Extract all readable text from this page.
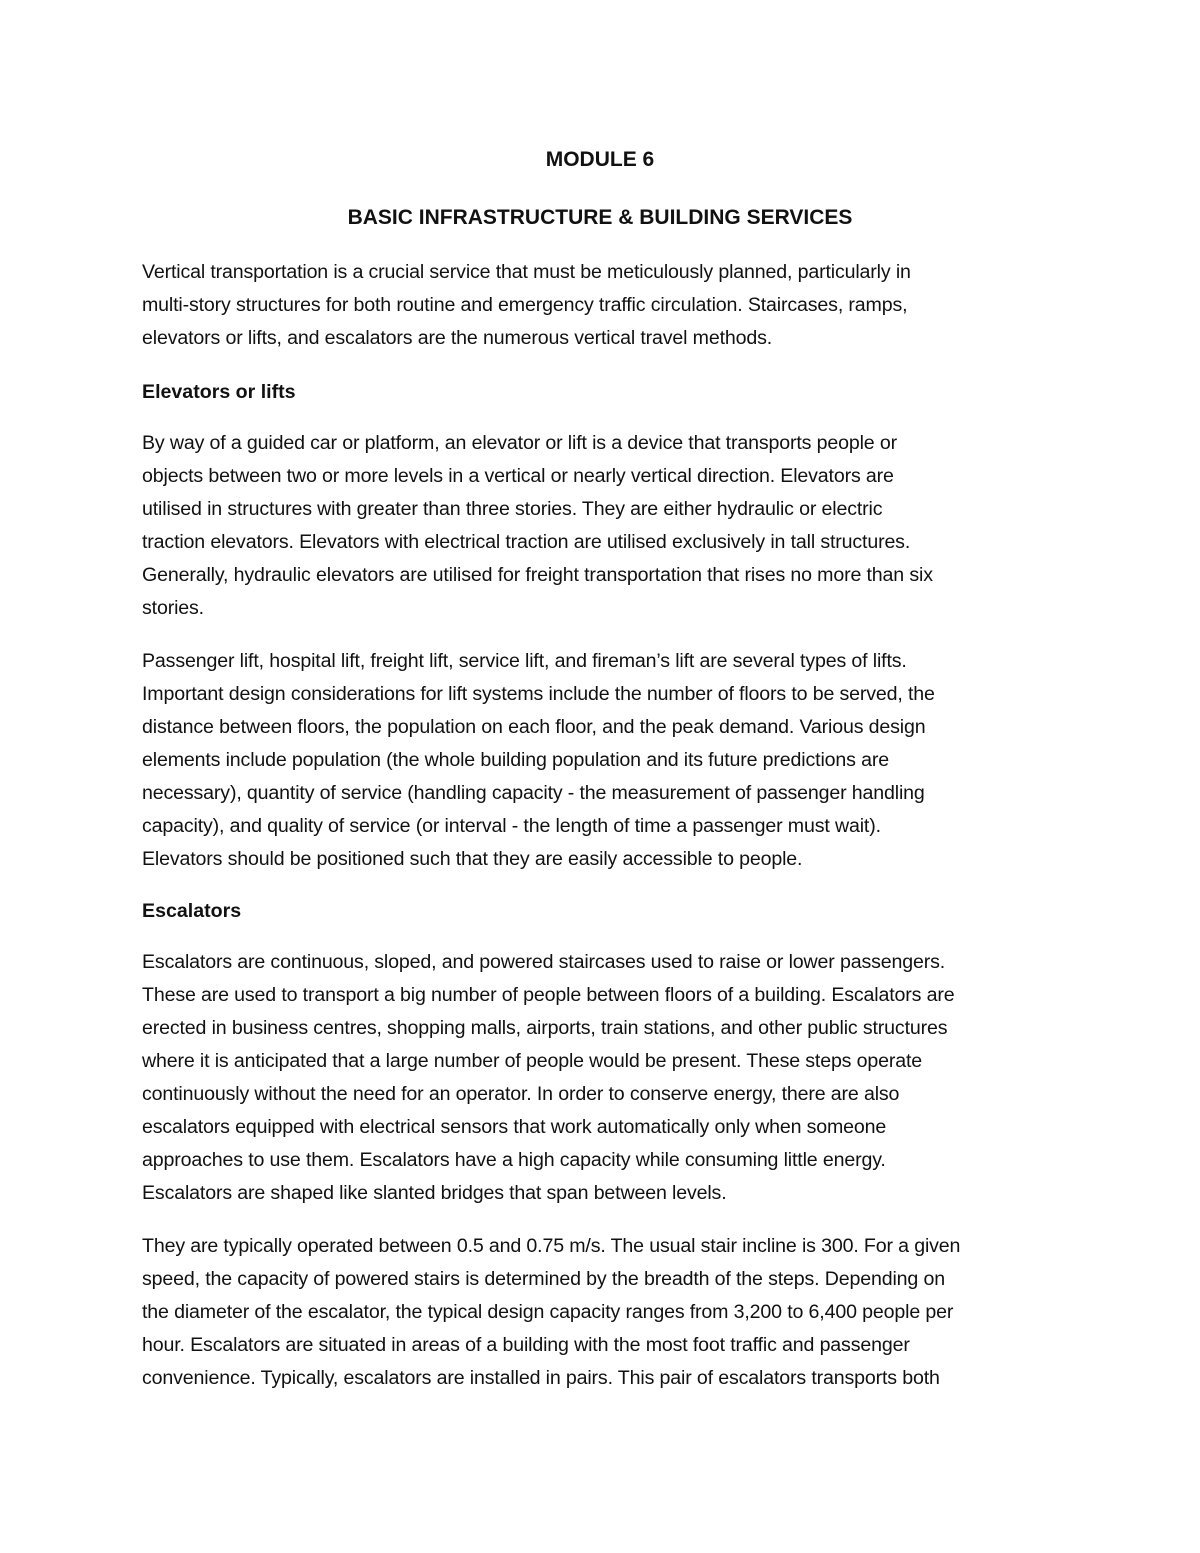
MODULE 6
BASIC INFRASTRUCTURE & BUILDING SERVICES

Vertical transportation is a crucial service that must be meticulously planned, particularly in
multi-story structures for both routine and emergency traffic circulation. Staircases, ramps,
elevators or lifts, and escalators are the numerous vertical travel methods.

Elevators or lifts

By way of a guided car or platform, an elevator or lift is a device that transports people or
objects between two or more levels in a vertical or nearly vertical direction. Elevators are
utilised in structures with greater than three stories. They are either hydraulic or electric
traction elevators. Elevators with electrical traction are utilised exclusively in tall structures.
Generally, hydraulic elevators are utilised for freight transportation that rises no more than six
stories.

Passenger lift, hospital lift, freight lift, service lift, and fireman’s lift are several types of lifts.
Important design considerations for lift systems include the number of floors to be served, the
distance between floors, the population on each floor, and the peak demand. Various design
elements include population (the whole building population and its future predictions are
necessary), quantity of service (handling capacity - the measurement of passenger handling
capacity), and quality of service (or interval - the length of time a passenger must wait).
Elevators should be positioned such that they are easily accessible to people.

Escalators

Escalators are continuous, sloped, and powered staircases used to raise or lower passengers.
These are used to transport a big number of people between floors of a building. Escalators are
erected in business centres, shopping malls, airports, train stations, and other public structures
where it is anticipated that a large number of people would be present. These steps operate
continuously without the need for an operator. In order to conserve energy, there are also
escalators equipped with electrical sensors that work automatically only when someone
approaches to use them. Escalators have a high capacity while consuming little energy.
Escalators are shaped like slanted bridges that span between levels.

They are typically operated between 0.5 and 0.75 m/s. The usual stair incline is 300. For a given
speed, the capacity of powered stairs is determined by the breadth of the steps. Depending on
the diameter of the escalator, the typical design capacity ranges from 3,200 to 6,400 people per
hour. Escalators are situated in areas of a building with the most foot traffic and passenger
convenience. Typically, escalators are installed in pairs. This pair of escalators transports both
